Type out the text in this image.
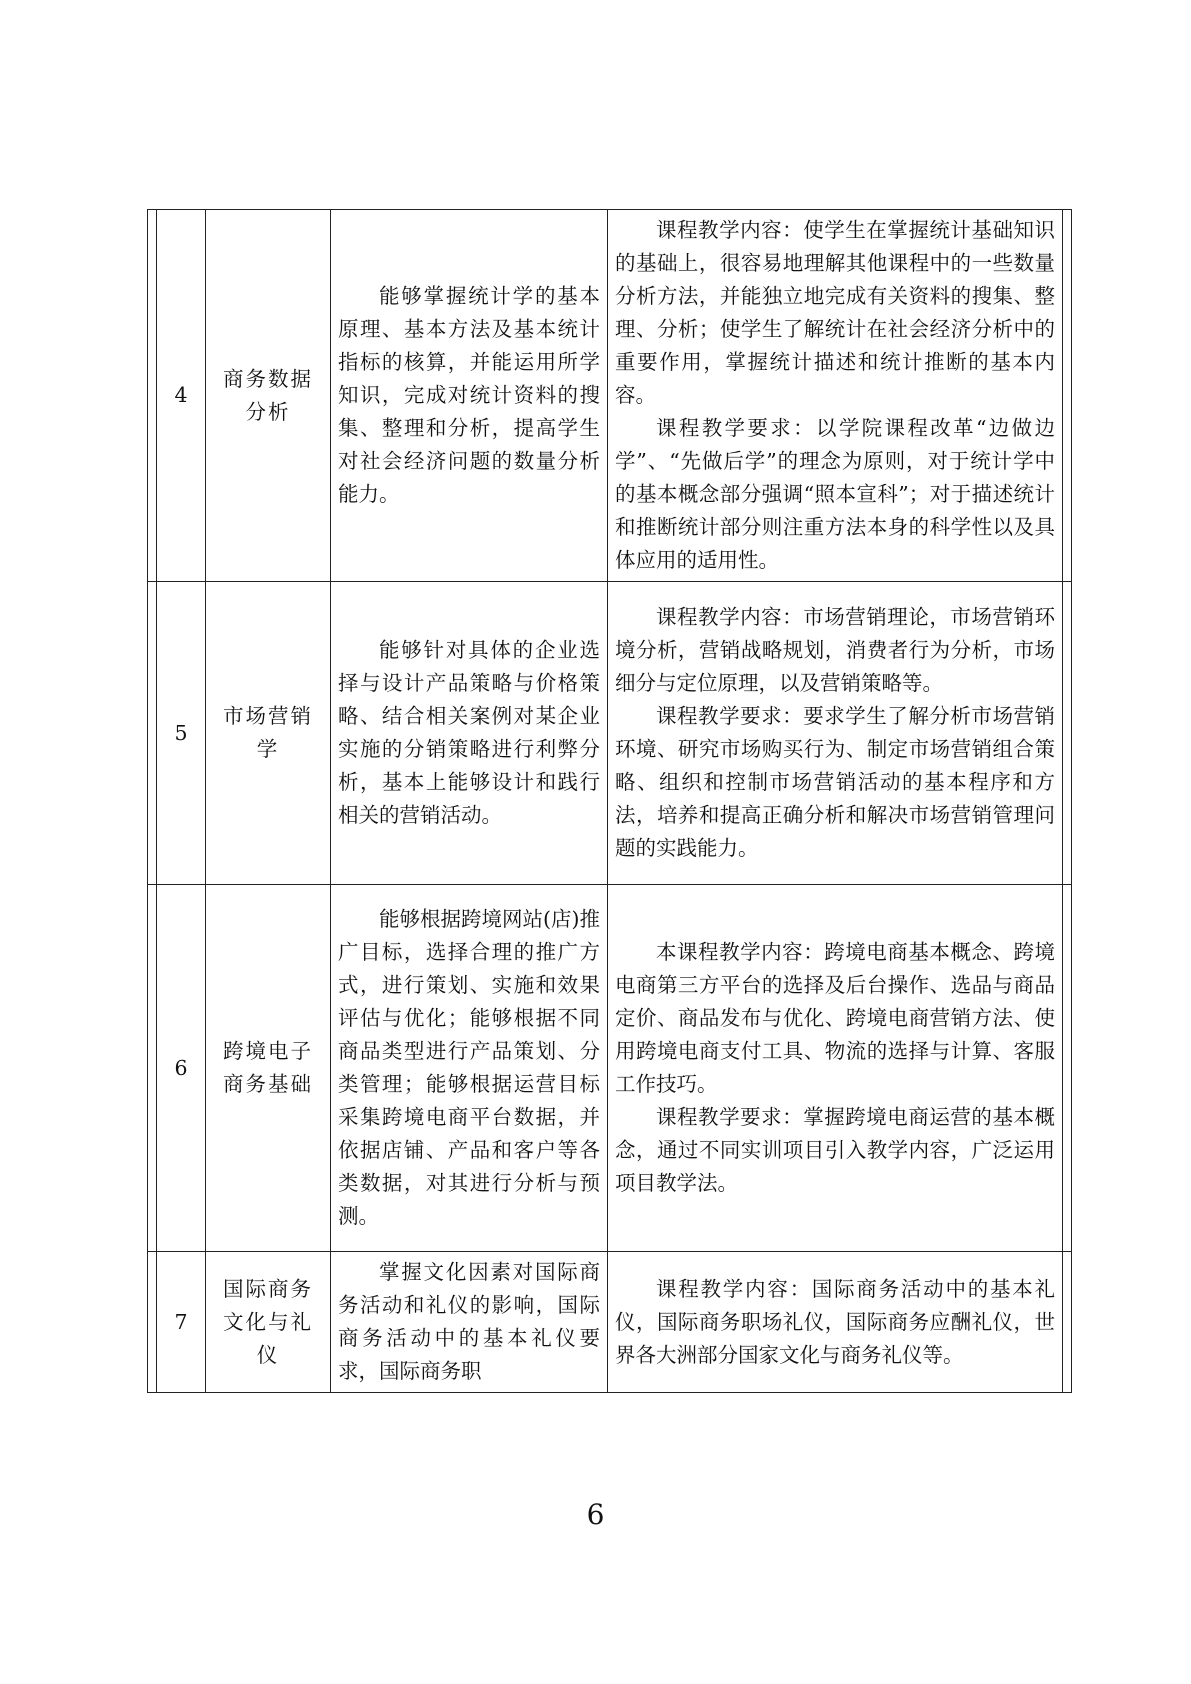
	4	商务数据分析	能够掌握统计学的基本原理、基本方法及基本统计指标的核算，并能运用所学知识，完成对统计资料的搜集、整理和分析，提高学生对社会经济问题的数量分析能力。	课程教学内容：使学生在掌握统计基础知识的基础上，很容易地理解其他课程中的一些数量分析方法，并能独立地完成有关资料的搜集、整理、分析；使学生了解统计在社会经济分析中的重要作用，掌握统计描述和统计推断的基本内容。

课程教学要求：以学院课程改革“边做边学”、“先做后学”的理念为原则，对于统计学中的基本概念部分强调“照本宣科”；对于描述统计和推断统计部分则注重方法本身的科学性以及具体应用的适用性。	

	5	市场营销学	能够针对具体的企业选择与设计产品策略与价格策略、结合相关案例对某企业实施的分销策略进行利弊分析，基本上能够设计和践行相关的营销活动。	课程教学内容：市场营销理论，市场营销环境分析，营销战略规划，消费者行为分析，市场细分与定位原理，以及营销策略等。

课程教学要求：要求学生了解分析市场营销环境、研究市场购买行为、制定市场营销组合策略、组织和控制市场营销活动的基本程序和方法，培养和提高正确分析和解决市场营销管理问题的实践能力。	

	6	跨境电子商务基础	能够根据跨境网站(店)推广目标，选择合理的推广方式，进行策划、实施和效果评估与优化；能够根据不同商品类型进行产品策划、分类管理；能够根据运营目标采集跨境电商平台数据，并依据店铺、产品和客户等各类数据，对其进行分析与预测。	本课程教学内容：跨境电商基本概念、跨境电商第三方平台的选择及后台操作、选品与商品定价、商品发布与优化、跨境电商营销方法、使用跨境电商支付工具、物流的选择与计算、客服工作技巧。

课程教学要求：掌握跨境电商运营的基本概念，通过不同实训项目引入教学内容，广泛运用项目教学法。	

	7	国际商务文化与礼仪	掌握文化因素对国际商务活动和礼仪的影响，国际商务活动中的基本礼仪要求，国际商务职	课程教学内容：国际商务活动中的基本礼仪，国际商务职场礼仪，国际商务应酬礼仪，世界各大洲部分国家文化与商务礼仪等。	

6
